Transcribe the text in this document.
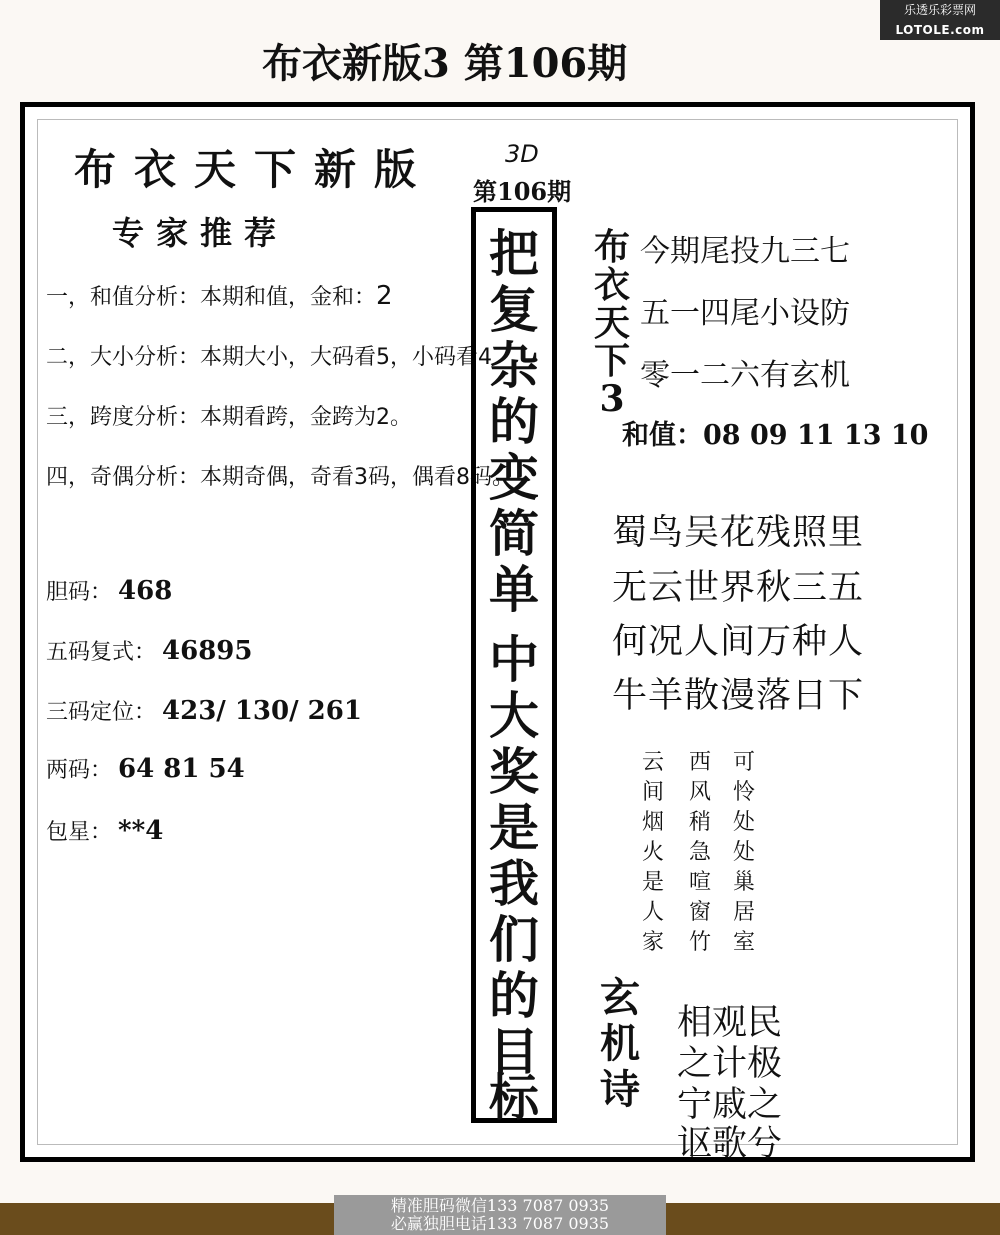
乐透乐彩票网
LOTOLE.com
布衣新版3 第106期
布衣天下新版
专家推荐
一，和值分析：本期和值，金和：2
二，大小分析：本期大小，大码看5，小码看4
三，跨度分析：本期看跨，金跨为2。
四，奇偶分析：本期奇偶，奇看3码，偶看8码。
胆码： 468
五码复式： 46895
三码定位： 423/ 130/ 261
两码： 64 81 54
包星： **4
3D
第106期
把
复
杂
的
变
简
单
中
大
奖
是
我
们
的
目
标
布
衣
天
下
3
今期尾投九三七
五一四尾小设防
零一二六有玄机
和值：08 09 11 13 10
蜀鸟吴花残照里
无云世界秋三五
何况人间万种人
牛羊散漫落日下
云
间
烟
火
是
人
家
西
风
稍
急
喧
窗
竹
可
怜
处
处
巢
居
室
玄
机
诗
相观民
之计极
宁戚之
讴歌兮
精准胆码微信133 7087 0935
必赢独胆电话133 7087 0935
